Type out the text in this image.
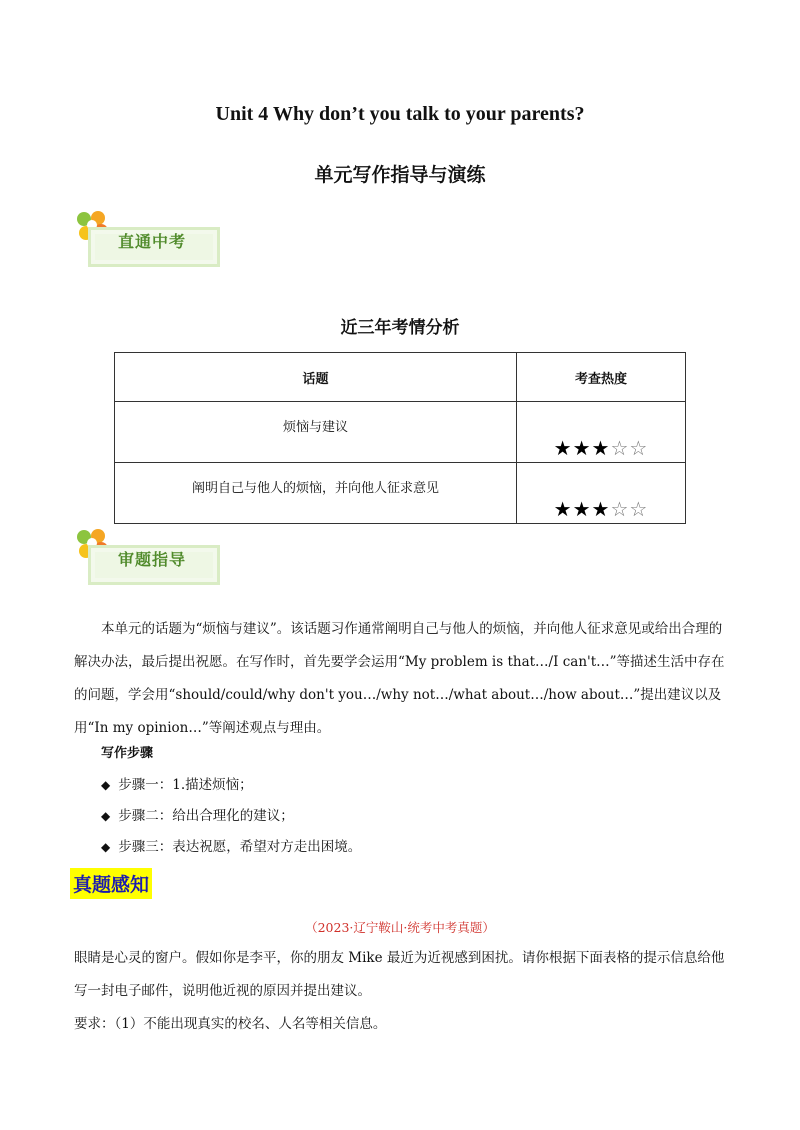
Unit 4 Why don’t you talk to your parents?
单元写作指导与演练
直通中考
近三年考情分析
话题	考查热度
烦恼与建议	★★★☆☆
阐明自己与他人的烦恼，并向他人征求意见	★★★☆☆
审题指导
本单元的话题为“烦恼与建议”。该话题习作通常阐明自己与他人的烦恼，并向他人征求意见或给出合理的解决办法，最后提出祝愿。在写作时，首先要学会运用“My problem is that…/I can't…”等描述生活中存在的问题，学会用“should/could/why don't you…/why not…/what about…/how about…”提出建议以及用“In my opinion…”等阐述观点与理由。
写作步骤
◆ 步骤一：1.描述烦恼；
◆ 步骤二：给出合理化的建议；
◆ 步骤三：表达祝愿，希望对方走出困境。
真题感知
（2023·辽宁鞍山·统考中考真题）
眼睛是心灵的窗户。假如你是李平，你的朋友 Mike 最近为近视感到困扰。请你根据下面表格的提示信息给他写一封电子邮件，说明他近视的原因并提出建议。
要求：（1）不能出现真实的校名、人名等相关信息。
